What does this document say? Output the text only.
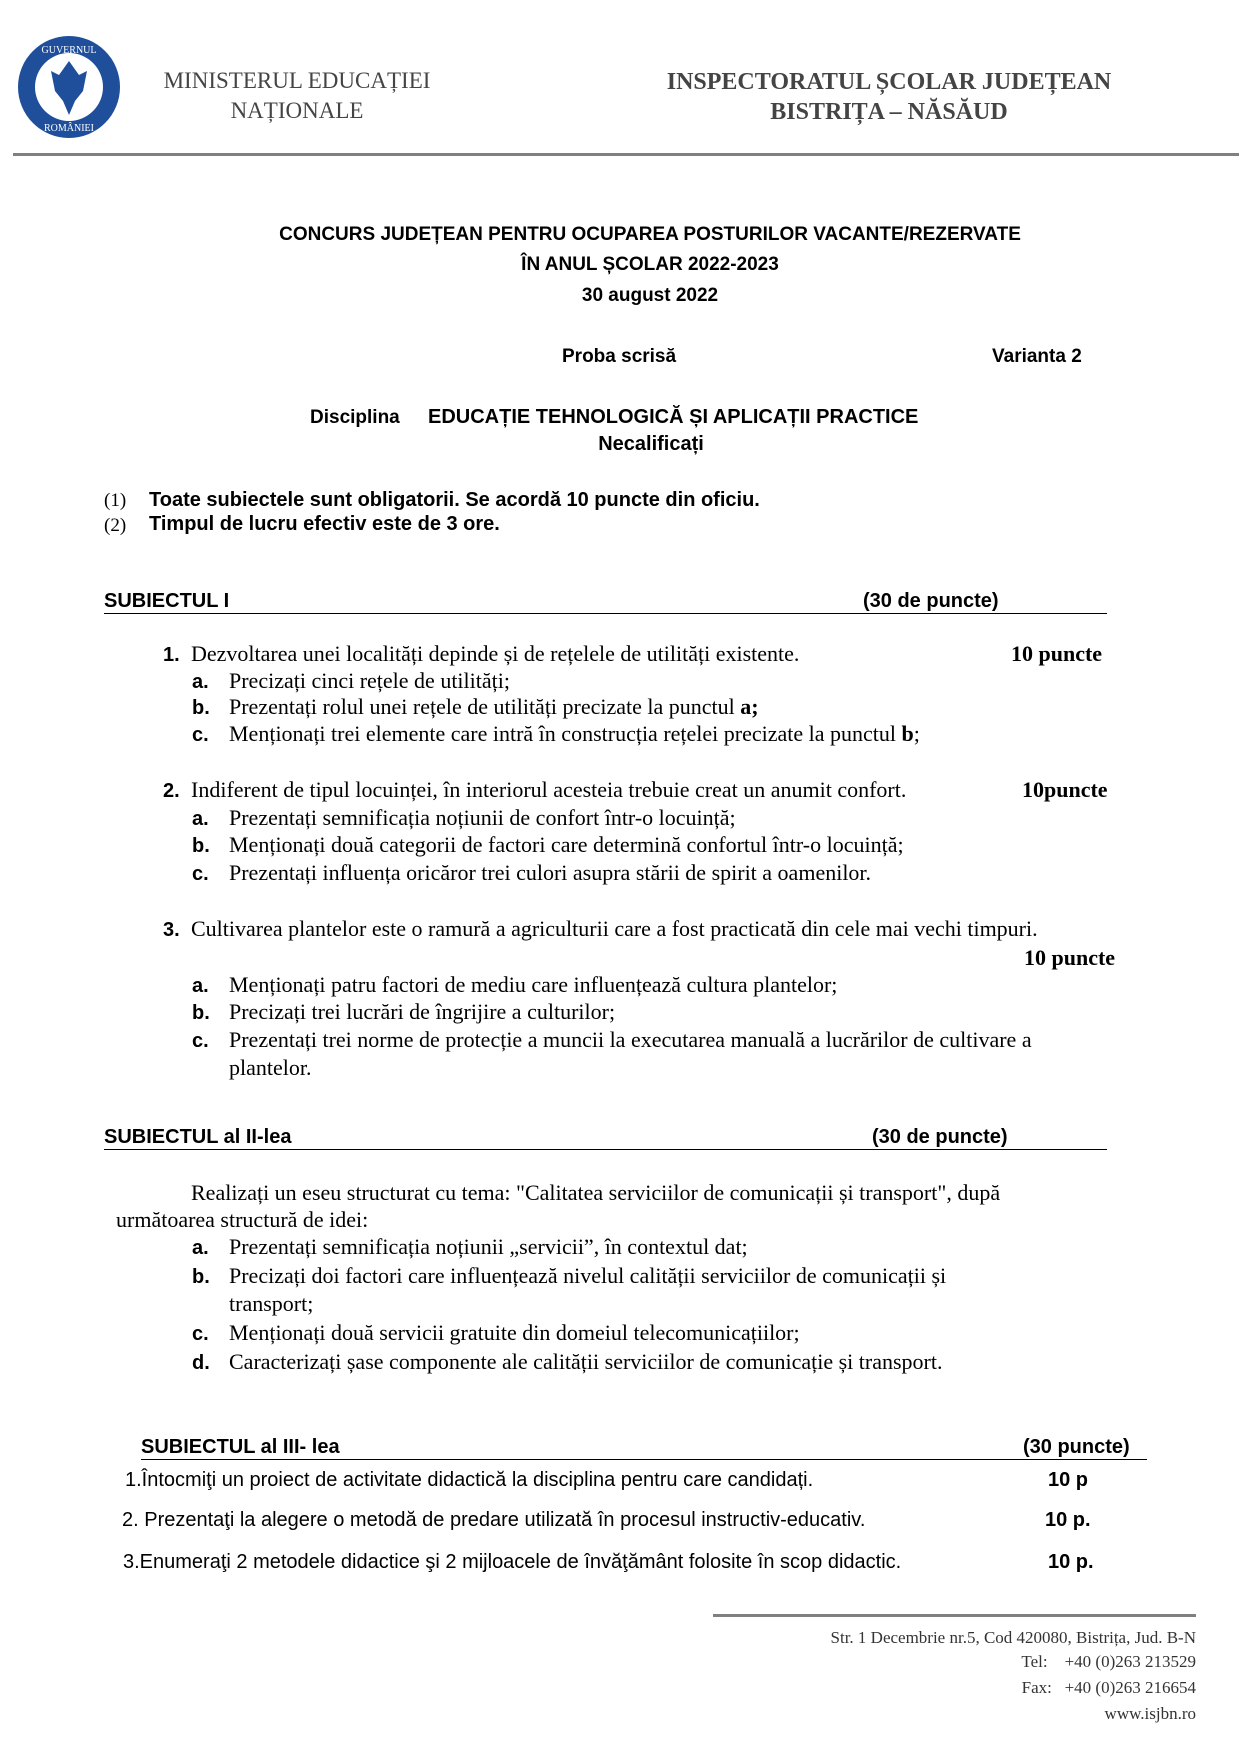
GUVERNUL
ROMÂNIEI
MINISTERUL EDUCAȚIEI
NAȚIONALE
INSPECTORATUL ȘCOLAR JUDEȚEAN
BISTRIȚA – NĂSĂUD
CONCURS JUDEȚEAN PENTRU OCUPAREA POSTURILOR VACANTE/REZERVATE
ÎN ANUL ȘCOLAR 2022-2023
30 august 2022
Proba scrisă	Varianta 2
Disciplina EDUCAȚIE TEHNOLOGICĂ ȘI APLICAȚII PRACTICE
Necalificați
(1) Toate subiectele sunt obligatorii. Se acordă 10 puncte din oficiu.
(2) Timpul de lucru efectiv este de 3 ore.
SUBIECTUL I	(30 de puncte)
1. Dezvoltarea unei localități depinde și de rețelele de utilități existente.	10 puncte
a. Precizați cinci rețele de utilități;
b. Prezentați rolul unei rețele de utilități precizate la punctul a;
c. Menționați trei elemente care intră în construcția rețelei precizate la punctul b;
2. Indiferent de tipul locuinței, în interiorul acesteia trebuie creat un anumit confort.	10puncte
a. Prezentați semnificația noțiunii de confort într-o locuință;
b. Menționați două categorii de factori care determină confortul într-o locuință;
c. Prezentați influența oricăror trei culori asupra stării de spirit a oamenilor.
3. Cultivarea plantelor este o ramură a agriculturii care a fost practicată din cele mai vechi timpuri.
10 puncte
a. Menționați patru factori de mediu care influențează cultura plantelor;
b. Precizați trei lucrări de îngrijire a culturilor;
c. Prezentați trei norme de protecție a muncii la executarea manuală a lucrărilor de cultivare a
plantelor.
SUBIECTUL al II-lea	(30 de puncte)
Realizați un eseu structurat cu tema: "Calitatea serviciilor de comunicații și transport", după
următoarea structură de idei:
a. Prezentați semnificația noțiunii „servicii”, în contextul dat;
b. Precizați doi factori care influențează nivelul calității serviciilor de comunicații și
transport;
c. Menționați două servicii gratuite din domeiul telecomunicațiilor;
d. Caracterizați șase componente ale calității serviciilor de comunicație și transport.
SUBIECTUL al III- lea	(30 puncte)
1.Întocmiţi un proiect de activitate didactică la disciplina pentru care candidați.	10 p
2. Prezentaţi la alegere o metodă de predare utilizată în procesul instructiv-educativ.	10 p.
3.Enumeraţi 2 metodele didactice şi 2 mijloacele de învăţământ folosite în scop didactic.	10 p.
Str. 1 Decembrie nr.5, Cod 420080, Bistrița, Jud. B-N
Tel:    +40 (0)263 213529
Fax:   +40 (0)263 216654
www.isjbn.ro
